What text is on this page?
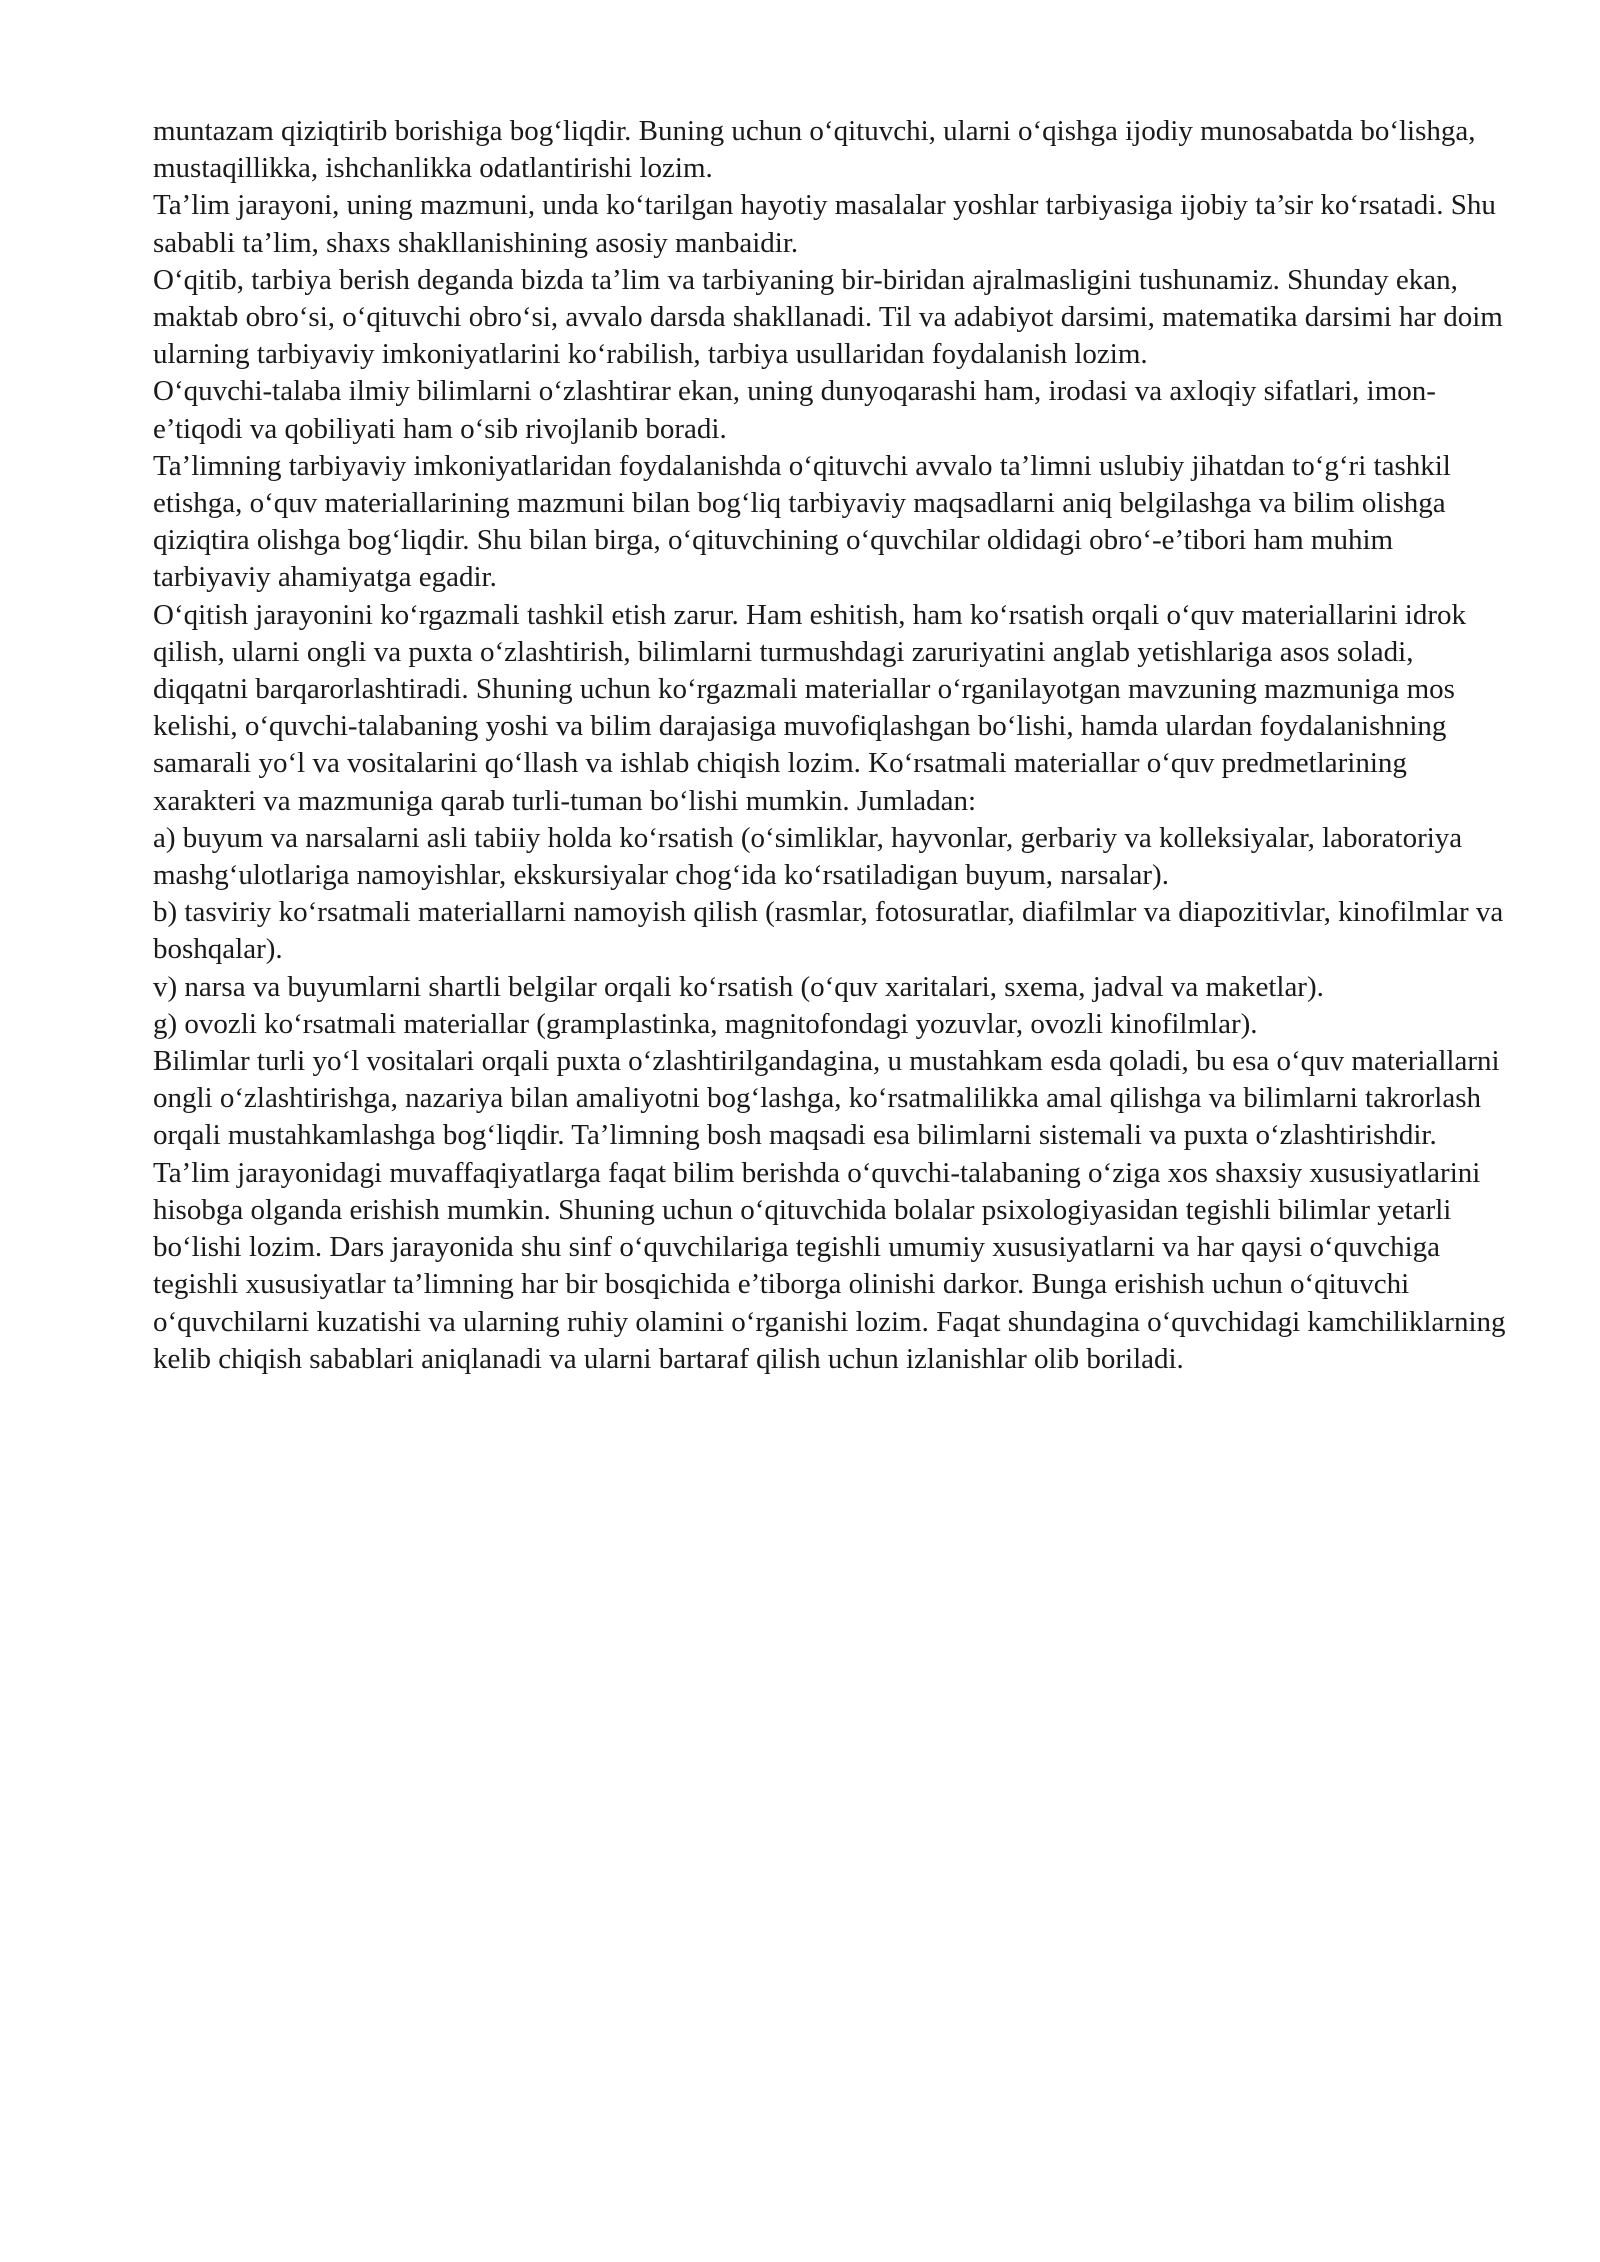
muntazam qiziqtirib borishiga bog‘liqdir. Buning uchun o‘qituvchi, ularni o‘qishga ijodiy munosabatda bo‘lishga, mustaqillikka, ishchanlikka odatlantirishi lozim.

Ta’lim jarayoni, uning mazmuni, unda ko‘tarilgan hayotiy masalalar yoshlar tarbiyasiga ijobiy ta’sir ko‘rsatadi. Shu sababli ta’lim, shaxs shakllanishining asosiy manbaidir.

O‘qitib, tarbiya berish deganda bizda ta’lim va tarbiyaning bir-biridan ajralmasligini tushunamiz. Shunday ekan, maktab obro‘si, o‘qituvchi obro‘si, avvalo darsda shakllanadi. Til va adabiyot darsimi, matematika darsimi har doim ularning tarbiyaviy imkoniyatlarini ko‘rabilish, tarbiya usullaridan foydalanish lozim.

O‘quvchi-talaba ilmiy bilimlarni o‘zlashtirar ekan, uning dunyoqarashi ham, irodasi va axloqiy sifatlari, imon-e’tiqodi va qobiliyati ham o‘sib rivojlanib boradi.

Ta’limning tarbiyaviy imkoniyatlaridan foydalanishda o‘qituvchi avvalo ta’limni uslubiy jihatdan to‘g‘ri tashkil etishga, o‘quv materiallarining mazmuni bilan bog‘liq tarbiyaviy maqsadlarni aniq belgilashga va bilim olishga qiziqtira olishga bog‘liqdir. Shu bilan birga, o‘qituvchining o‘quvchilar oldidagi obro‘-e’tibori ham muhim tarbiyaviy ahamiyatga egadir.

O‘qitish jarayonini ko‘rgazmali tashkil etish zarur. Ham eshitish, ham ko‘rsatish orqali o‘quv materiallarini idrok qilish, ularni ongli va puxta o‘zlashtirish, bilimlarni turmushdagi zaruriyatini anglab yetishlariga asos soladi, diqqatni barqarorlashtiradi. Shuning uchun ko‘rgazmali materiallar o‘rganilayotgan mavzuning mazmuniga mos kelishi, o‘quvchi-talabaning yoshi va bilim darajasiga muvofiqlashgan bo‘lishi, hamda ulardan foydalanishning samarali yo‘l va vositalarini qo‘llash va ishlab chiqish lozim. Ko‘rsatmali materiallar o‘quv predmetlarining xarakteri va mazmuniga qarab turli-tuman bo‘lishi mumkin. Jumladan:

a) buyum va narsalarni asli tabiiy holda ko‘rsatish (o‘simliklar, hayvonlar, gerbariy va kolleksiyalar, laboratoriya mashg‘ulotlariga namoyishlar, ekskursiyalar chog‘ida ko‘rsatiladigan buyum, narsalar).

b) tasviriy ko‘rsatmali materiallarni namoyish qilish (rasmlar, fotosuratlar, diafilmlar va diapozitivlar, kinofilmlar va boshqalar).

v) narsa va buyumlarni shartli belgilar orqali ko‘rsatish (o‘quv xaritalari, sxema, jadval va maketlar).

g) ovozli ko‘rsatmali materiallar (gramplastinka, magnitofondagi yozuvlar, ovozli kinofilmlar).

Bilimlar turli yo‘l vositalari orqali puxta o‘zlashtirilgandagina, u mustahkam esda qoladi, bu esa o‘quv materiallarni ongli o‘zlashtirishga, nazariya bilan amaliyotni bog‘lashga, ko‘rsatmalilikka amal qilishga va bilimlarni takrorlash orqali mustahkamlashga bog‘liqdir. Ta’limning bosh maqsadi esa bilimlarni sistemali va puxta o‘zlashtirishdir.

Ta’lim jarayonidagi muvaffaqiyatlarga faqat bilim berishda o‘quvchi-talabaning o‘ziga xos shaxsiy xususiyatlarini hisobga olganda erishish mumkin. Shuning uchun o‘qituvchida bolalar psixologiyasidan tegishli bilimlar yetarli bo‘lishi lozim. Dars jarayonida shu sinf o‘quvchilariga tegishli umumiy xususiyatlarni va har qaysi o‘quvchiga tegishli xususiyatlar ta’limning har bir bosqichida e’tiborga olinishi darkor. Bunga erishish uchun o‘qituvchi o‘quvchilarni kuzatishi va ularning ruhiy olamini o‘rganishi lozim. Faqat shundagina o‘quvchidagi kamchiliklarning kelib chiqish sabablari aniqlanadi va ularni bartaraf qilish uchun izlanishlar olib boriladi.
